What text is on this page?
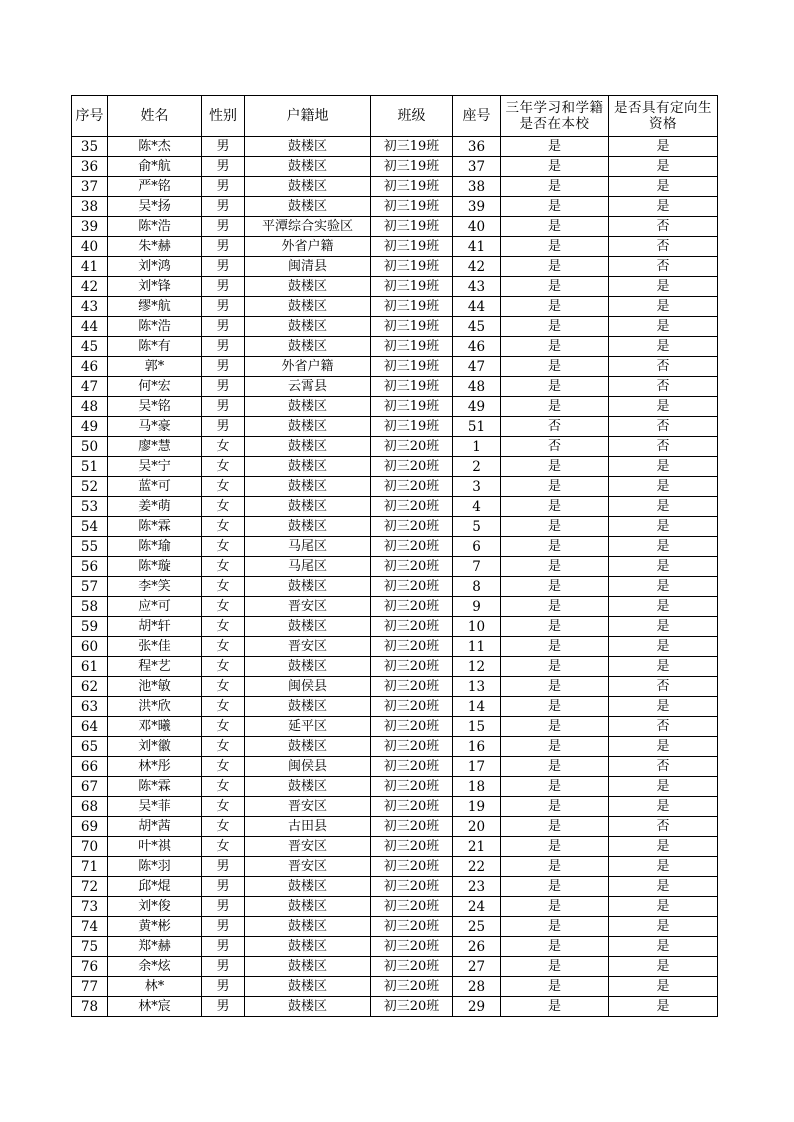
序号	姓名	性别	户籍地	班级	座号	三年学习和学籍是否在本校	是否具有定向生资格
35	陈*杰	男	鼓楼区	初三19班	36	是	是
36	俞*航	男	鼓楼区	初三19班	37	是	是
37	严*铭	男	鼓楼区	初三19班	38	是	是
38	吴*扬	男	鼓楼区	初三19班	39	是	是
39	陈*浩	男	平潭综合实验区	初三19班	40	是	否
40	朱*赫	男	外省户籍	初三19班	41	是	否
41	刘*鸿	男	闽清县	初三19班	42	是	否
42	刘*锋	男	鼓楼区	初三19班	43	是	是
43	缪*航	男	鼓楼区	初三19班	44	是	是
44	陈*浩	男	鼓楼区	初三19班	45	是	是
45	陈*有	男	鼓楼区	初三19班	46	是	是
46	郭*	男	外省户籍	初三19班	47	是	否
47	何*宏	男	云霄县	初三19班	48	是	否
48	吴*铭	男	鼓楼区	初三19班	49	是	是
49	马*豪	男	鼓楼区	初三19班	51	否	否
50	廖*慧	女	鼓楼区	初三20班	1	否	否
51	吴*宁	女	鼓楼区	初三20班	2	是	是
52	蓝*可	女	鼓楼区	初三20班	3	是	是
53	姜*萌	女	鼓楼区	初三20班	4	是	是
54	陈*霖	女	鼓楼区	初三20班	5	是	是
55	陈*瑜	女	马尾区	初三20班	6	是	是
56	陈*璇	女	马尾区	初三20班	7	是	是
57	李*笑	女	鼓楼区	初三20班	8	是	是
58	应*可	女	晋安区	初三20班	9	是	是
59	胡*轩	女	鼓楼区	初三20班	10	是	是
60	张*佳	女	晋安区	初三20班	11	是	是
61	程*艺	女	鼓楼区	初三20班	12	是	是
62	池*敏	女	闽侯县	初三20班	13	是	否
63	洪*欣	女	鼓楼区	初三20班	14	是	是
64	邓*曦	女	延平区	初三20班	15	是	否
65	刘*徽	女	鼓楼区	初三20班	16	是	是
66	林*彤	女	闽侯县	初三20班	17	是	否
67	陈*霖	女	鼓楼区	初三20班	18	是	是
68	吴*菲	女	晋安区	初三20班	19	是	是
69	胡*茜	女	古田县	初三20班	20	是	否
70	叶*祺	女	晋安区	初三20班	21	是	是
71	陈*羽	男	晋安区	初三20班	22	是	是
72	邱*焜	男	鼓楼区	初三20班	23	是	是
73	刘*俊	男	鼓楼区	初三20班	24	是	是
74	黄*彬	男	鼓楼区	初三20班	25	是	是
75	郑*赫	男	鼓楼区	初三20班	26	是	是
76	余*炫	男	鼓楼区	初三20班	27	是	是
77	林*	男	鼓楼区	初三20班	28	是	是
78	林*宸	男	鼓楼区	初三20班	29	是	是
